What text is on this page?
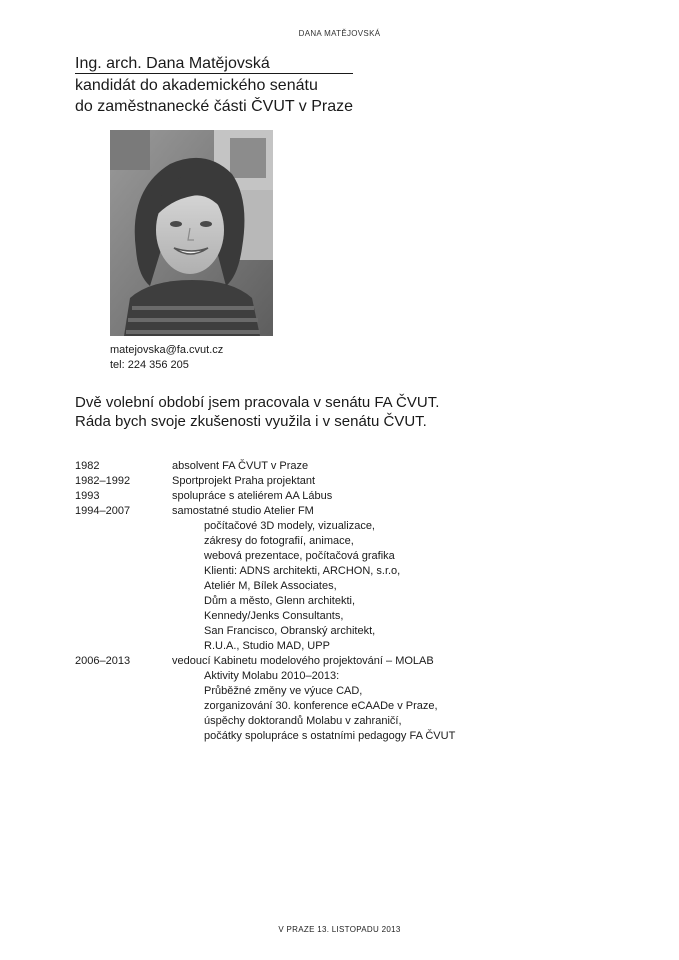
DANA MATĚJOVSKÁ
Ing. arch. Dana Matějovská
kandidát do akademického senátu
do zaměstnanecké části ČVUT v Praze
matejovska@fa.cvut.cz
tel: 224 356 205
Dvě volební období jsem pracovala v senátu FA ČVUT.
Ráda bych svoje zkušenosti využila i v senátu ČVUT.
1982	absolvent FA ČVUT v Praze
1982–1992	Sportprojekt Praha projektant
1993	spolupráce s ateliérem AA Lábus
1994–2007	samostatné studio Atelier FM
počítačové 3D modely, vizualizace,
zákresy do fotografií, animace,
webová prezentace, počítačová grafika
Klienti: ADNS architekti, ARCHON, s.r.o,
Ateliér M, Bílek Associates,
Dům a město, Glenn architekti,
Kennedy/Jenks Consultants,
San Francisco, Obranský architekt,
R.U.A., Studio MAD, UPP
2006–2013	vedoucí Kabinetu modelového projektování – MOLAB
Aktivity Molabu 2010–2013:
Průběžné změny ve výuce CAD,
zorganizování 30. konference eCAADe v Praze,
úspěchy doktorandů Molabu v zahraničí,
počátky spolupráce s ostatními pedagogy FA ČVUT
V PRAZE 13. LISTOPADU 2013
